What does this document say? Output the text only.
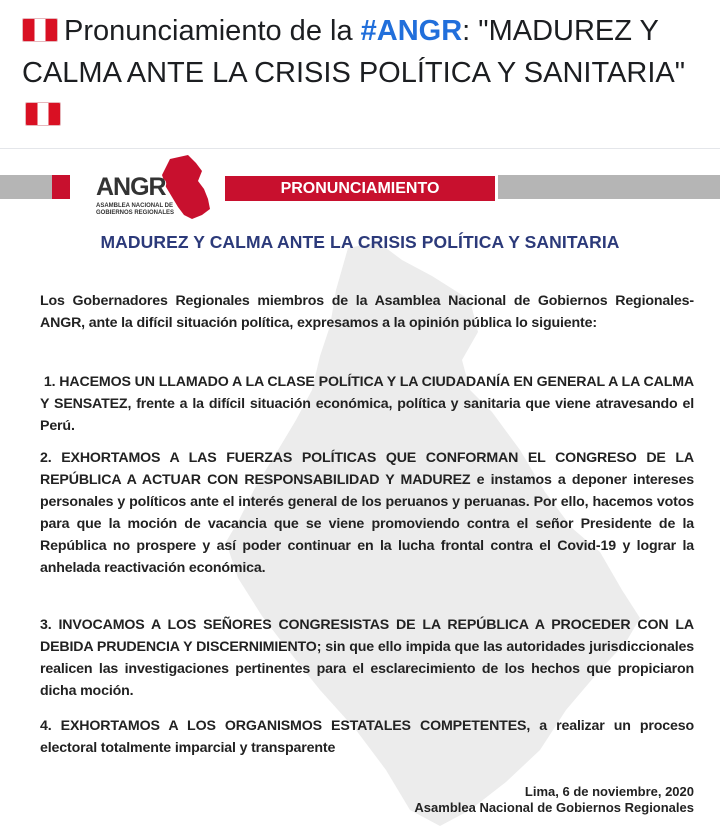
Pronunciamiento de la #ANGR: "MADUREZ Y CALMA ANTE LA CRISIS POLÍTICA Y SANITARIA"
ANGR
ASAMBLEA NACIONAL DE GOBIERNOS REGIONALES
PRONUNCIAMIENTO
MADUREZ Y CALMA ANTE LA CRISIS POLÍTICA Y SANITARIA
Los Gobernadores Regionales miembros de la Asamblea Nacional de Gobiernos Regionales- ANGR, ante la difícil situación política, expresamos a la opinión pública lo siguiente:
1. HACEMOS UN LLAMADO A LA CLASE POLÍTICA Y LA CIUDADANÍA EN GENERAL A LA CALMA Y SENSATEZ, frente a la difícil situación económica, política y sanitaria que viene atravesando el Perú.
2. EXHORTAMOS A LAS FUERZAS POLÍTICAS QUE CONFORMAN EL CONGRESO DE LA REPÚBLICA A ACTUAR CON RESPONSABILIDAD Y MADUREZ e instamos a deponer intereses personales y políticos ante el interés general de los peruanos y peruanas. Por ello, hacemos votos para que la moción de vacancia que se viene promoviendo contra el señor Presidente de la República no prospere y así poder continuar en la lucha frontal contra el Covid-19 y lograr la anhelada reactivación económica.
3. INVOCAMOS A LOS SEÑORES CONGRESISTAS DE LA REPÚBLICA A PROCEDER CON LA DEBIDA PRUDENCIA Y DISCERNIMIENTO; sin que ello impida que las autoridades jurisdiccionales realicen las investigaciones pertinentes para el esclarecimiento de los hechos que propiciaron dicha moción.
4. EXHORTAMOS A LOS ORGANISMOS ESTATALES COMPETENTES, a realizar un proceso electoral totalmente imparcial y transparente
Lima, 6 de noviembre, 2020
Asamblea Nacional de Gobiernos Regionales
